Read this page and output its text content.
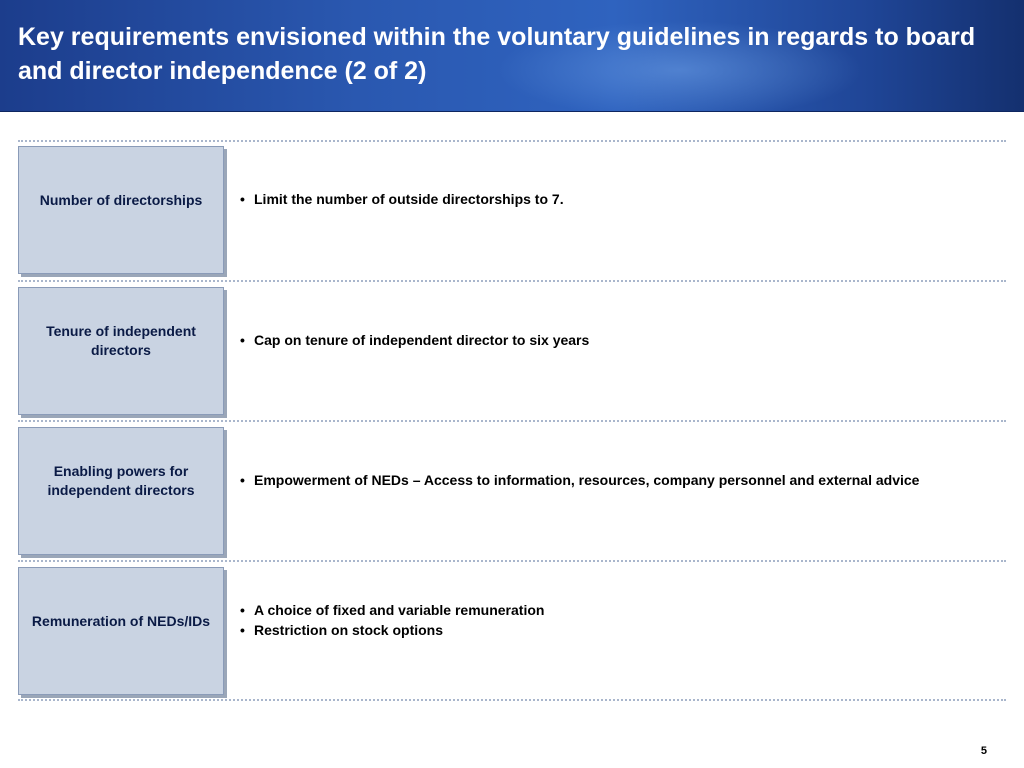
Key requirements envisioned within the voluntary guidelines in regards to board and director independence (2 of 2)
Number of directorships
•	Limit the number of outside directorships to 7.
Tenure of independent directors
• Cap on tenure of independent director to six years
Enabling powers for independent directors
• Empowerment of NEDs – Access to information, resources, company personnel and external advice
Remuneration of NEDs/IDs
• A choice of fixed and variable remuneration
• Restriction on stock options
5
